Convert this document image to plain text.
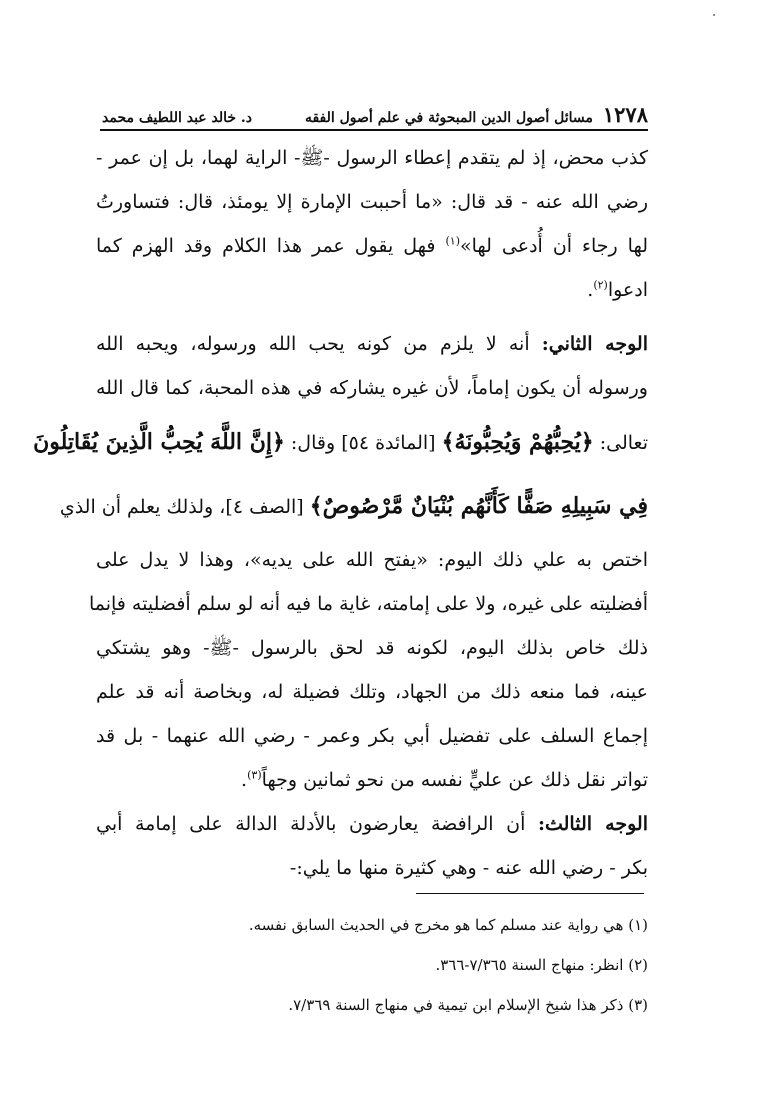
١٢٧٨
مسائل أصول الدين المبحوثة في علم أصول الفقه
د. خالد عبد اللطيف محمد
كذب محض، إذ لم يتقدم إعطاء الرسول -ﷺ- الراية لهما، بل إن عمر -
رضي الله عنه - قد قال: «ما أحببت الإمارة إلا يومئذ، قال: فتساورتُ
لها رجاء أن أُدعى لها»$^{(١)}$ فهل يقول عمر هذا الكلام وقد الهزم كما
ادعوا$^{(٢)}$.
الوجه الثاني: أنه لا يلزم من كونه يحب الله ورسوله، ويحبه الله
ورسوله أن يكون إماماً، لأن غيره يشاركه في هذه المحبة، كما قال الله
تعالى: ﴿يُحِبُّهُمْ وَيُحِبُّونَهُ﴾ [المائدة ٥٤] وقال: ﴿إِنَّ اللَّهَ يُحِبُّ الَّذِينَ يُقَاتِلُونَ
فِي سَبِيلِهِ صَفًّا كَأَنَّهُم بُنْيَانٌ مَّرْصُوصٌ﴾ [الصف ٤]، ولذلك يعلم أن الذي
اختص به علي ذلك اليوم: «يفتح الله على يديه»، وهذا لا يدل على
أفضليته على غيره، ولا على إمامته، غاية ما فيه أنه لو سلم أفضليته فإنما
ذلك خاص بذلك اليوم، لكونه قد لحق بالرسول -ﷺ- وهو يشتكي
عينه، فما منعه ذلك من الجهاد، وتلك فضيلة له، وبخاصة أنه قد علم
إجماع السلف على تفضيل أبي بكر وعمر - رضي الله عنهما - بل قد
تواتر نقل ذلك عن عليٍّ نفسه من نحو ثمانين وجهاً$^{(٣)}$.
الوجه الثالث: أن الرافضة يعارضون بالأدلة الدالة على إمامة أبي
بكر - رضي الله عنه - وهي كثيرة منها ما يلي:-
(١) هي رواية عند مسلم كما هو مخرج في الحديث السابق نفسه.
(٢) انظر: منهاج السنة ٧/٣٦٥-٣٦٦.
(٣) ذكر هذا شيخ الإسلام ابن تيمية في منهاج السنة ٧/٣٦٩.
